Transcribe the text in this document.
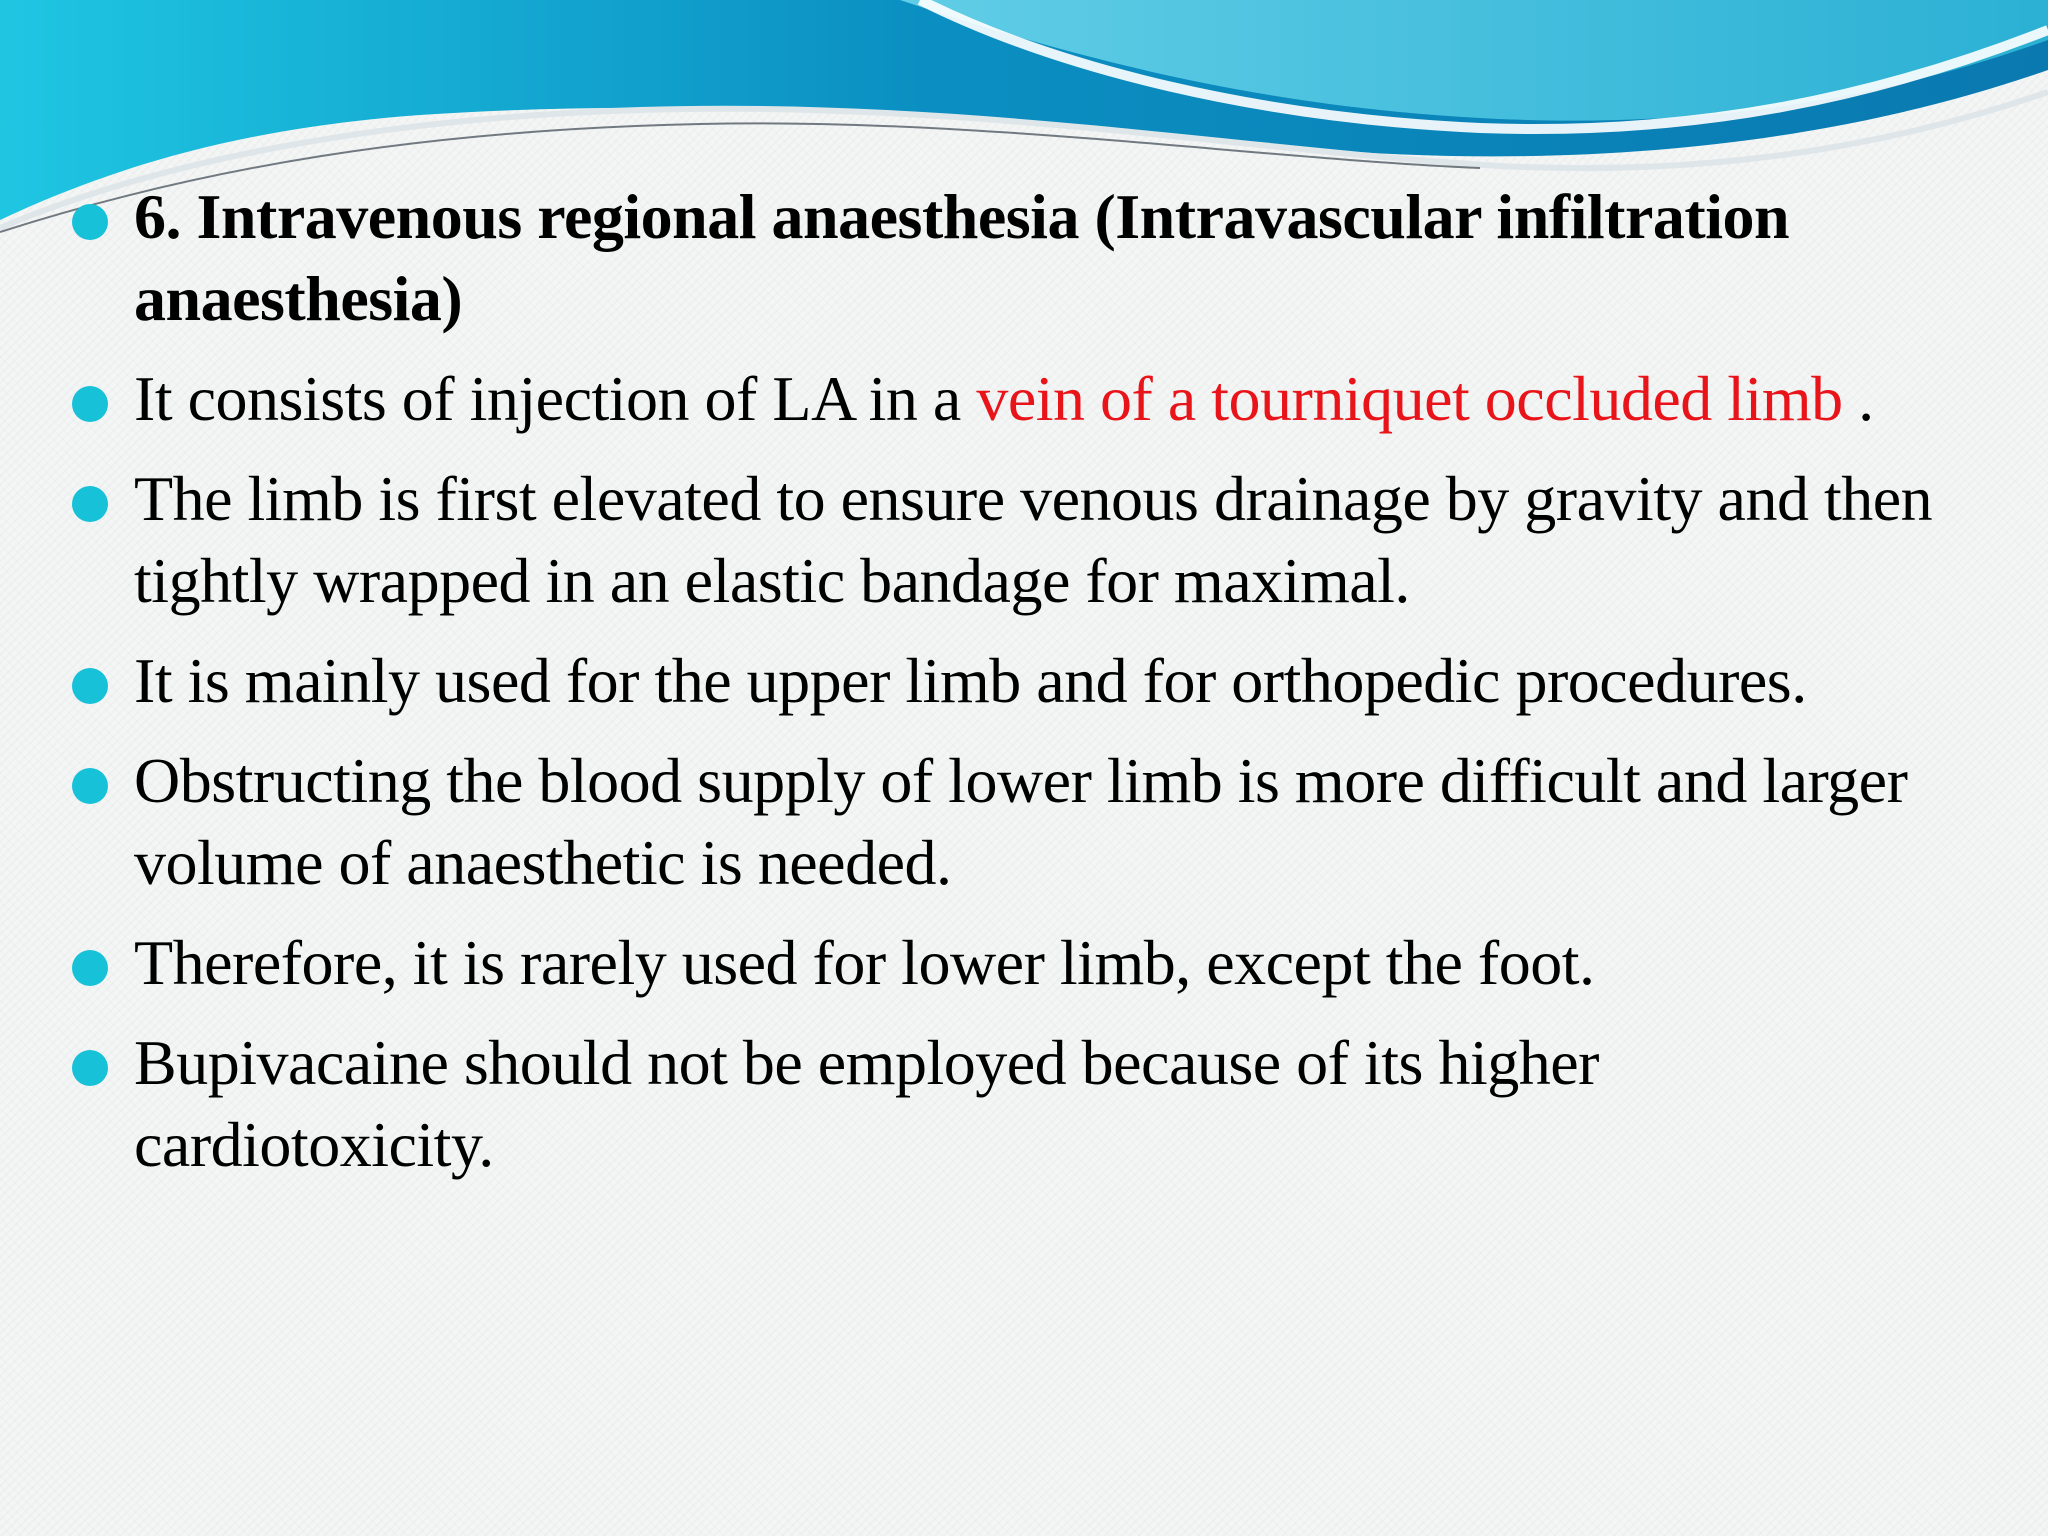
6. Intravenous regional anaesthesia (Intravascular infiltration anaesthesia)
It consists of injection of LA in a vein of a tourniquet occluded limb .
The limb is first elevated to ensure venous drainage by gravity and then tightly wrapped in an elastic bandage for maximal.
It is mainly used for the upper limb and for orthopedic procedures.
Obstructing the blood supply of lower limb is more difficult and larger volume of anaesthetic is needed.
Therefore, it is rarely used for lower limb, except the foot.
Bupivacaine should not be employed because of its higher cardiotoxicity.
